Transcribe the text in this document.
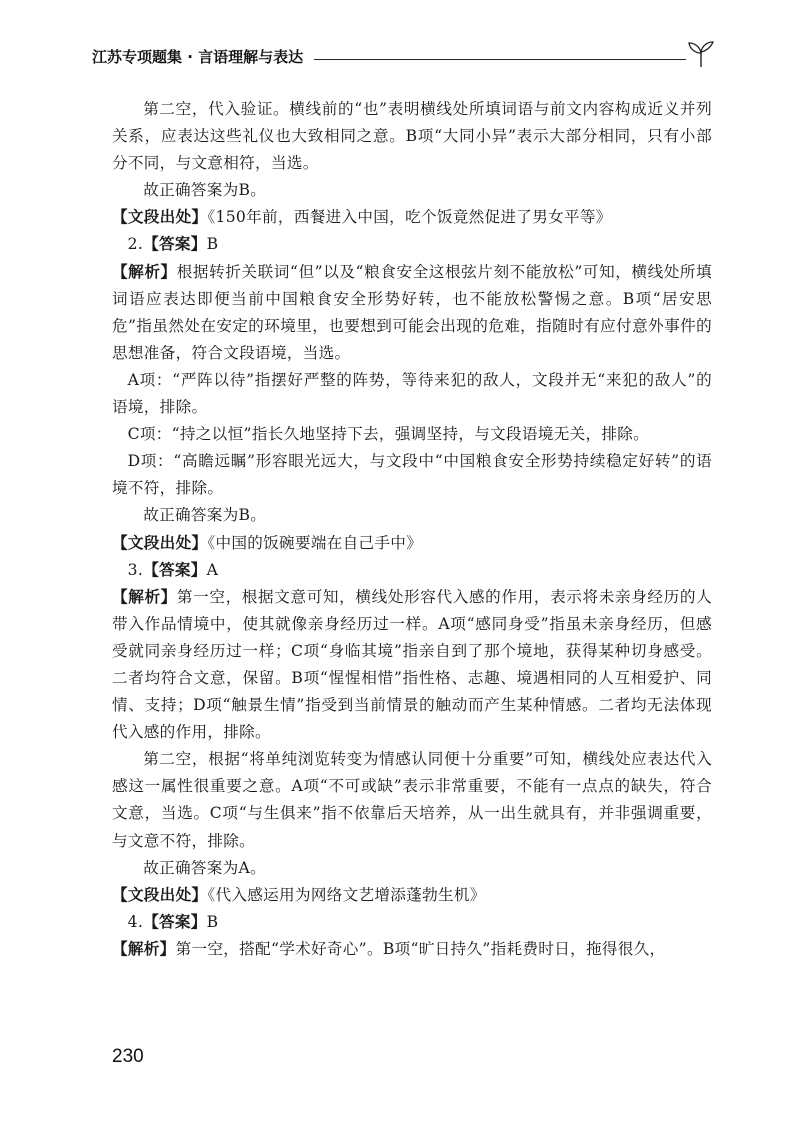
江苏专项题集 · 言语理解与表达

第二空，代入验证。横线前的“也”表明横线处所填词语与前文内容构成近义并列关系，应表达这些礼仪也大致相同之意。B项“大同小异”表示大部分相同，只有小部分不同，与文意相符，当选。

故正确答案为B。

【文段出处】《150年前，西餐进入中国，吃个饭竟然促进了男女平等》

2.【答案】B

【解析】根据转折关联词“但”以及“粮食安全这根弦片刻不能放松”可知，横线处所填词语应表达即便当前中国粮食安全形势好转，也不能放松警惕之意。B项“居安思危”指虽然处在安定的环境里，也要想到可能会出现的危难，指随时有应付意外事件的思想准备，符合文段语境，当选。

A项：“严阵以待”指摆好严整的阵势，等待来犯的敌人，文段并无“来犯的敌人”的语境，排除。

C项：“持之以恒”指长久地坚持下去，强调坚持，与文段语境无关，排除。

D项：“高瞻远瞩”形容眼光远大，与文段中“中国粮食安全形势持续稳定好转”的语境不符，排除。

故正确答案为B。

【文段出处】《中国的饭碗要端在自己手中》

3.【答案】A

【解析】第一空，根据文意可知，横线处形容代入感的作用，表示将未亲身经历的人带入作品情境中，使其就像亲身经历过一样。A项“感同身受”指虽未亲身经历，但感受就同亲身经历过一样；C项“身临其境”指亲自到了那个境地，获得某种切身感受。二者均符合文意，保留。B项“惺惺相惜”指性格、志趣、境遇相同的人互相爱护、同情、支持；D项“触景生情”指受到当前情景的触动而产生某种情感。二者均无法体现代入感的作用，排除。

第二空，根据“将单纯浏览转变为情感认同便十分重要”可知，横线处应表达代入感这一属性很重要之意。A项“不可或缺”表示非常重要，不能有一点点的缺失，符合文意，当选。C项“与生俱来”指不依靠后天培养，从一出生就具有，并非强调重要，与文意不符，排除。

故正确答案为A。

【文段出处】《代入感运用为网络文艺增添蓬勃生机》

4.【答案】B

【解析】第一空，搭配“学术好奇心”。B项“旷日持久”指耗费时日，拖得很久，

230
